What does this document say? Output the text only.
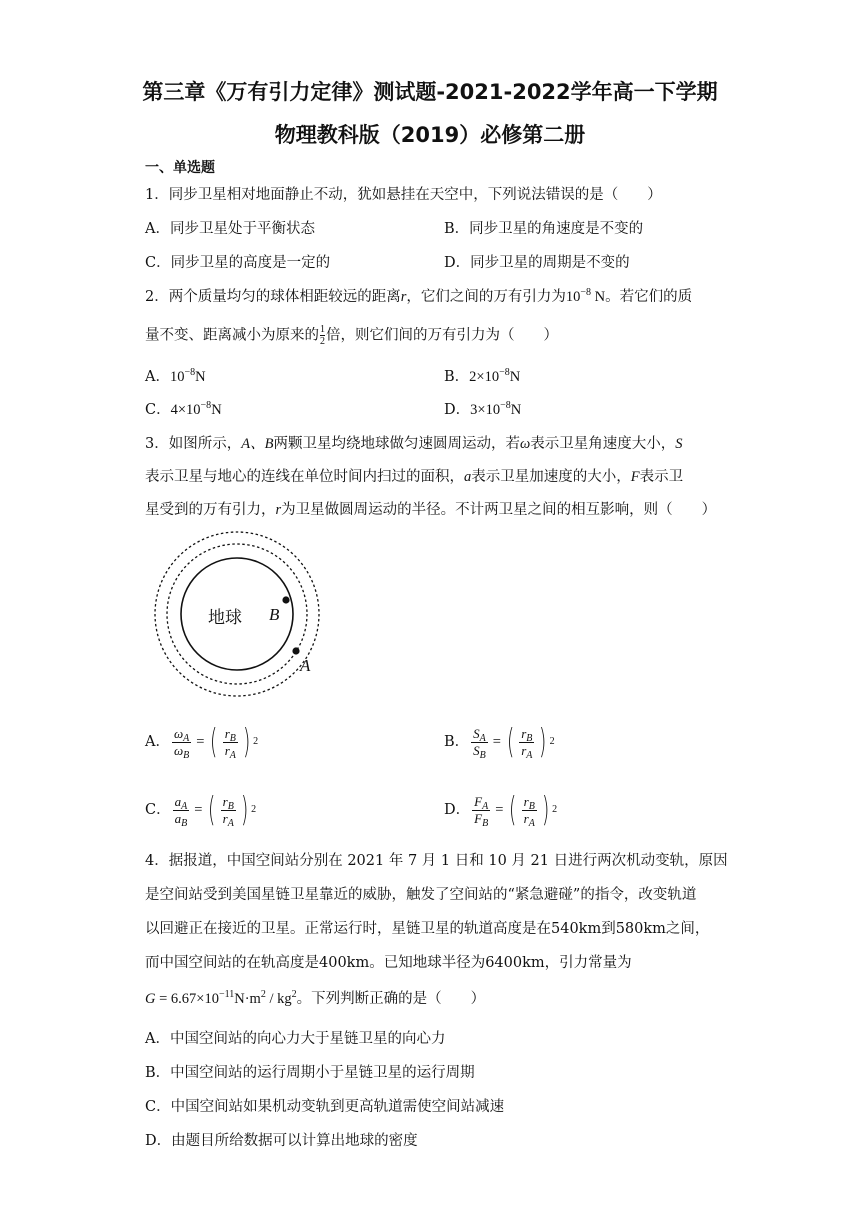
第三章《万有引力定律》测试题-2021-2022学年高一下学期
物理教科版（2019）必修第二册
一、单选题
1．同步卫星相对地面静止不动，犹如悬挂在天空中，下列说法错误的是（　　）
A．同步卫星处于平衡状态	B．同步卫星的角速度是不变的
C．同步卫星的高度是一定的	D．同步卫星的周期是不变的
2．两个质量均匀的球体相距较远的距离r，它们之间的万有引力为$10^{-8}$ N。若它们的质
量不变、距离减小为原来的 $\frac{1}{2}$ 倍，则它们间的万有引力为（　　）
A．$10^{-8}N$	B．$2\times 10^{-8}N$
C．$4\times 10^{-8}N$	D．$3\times 10^{-8}N$
3．如图所示，A、B两颗卫星均绕地球做匀速圆周运动，若ω表示卫星角速度大小，S
表示卫星与地心的连线在单位时间内扫过的面积，a表示卫星加速度的大小，F表示卫
星受到的万有引力，r为卫星做圆周运动的半径。不计两卫星之间的相互影响，则（　　）
地球 B
A
A． $\frac{\omega_A}{\omega_B}$ = ( $\frac{r_B}{r_A}$ ) 2	B． $\frac{S_A}{S_B}$ = ( $\frac{r_B}{r_A}$ ) 2
C． $\frac{a_A}{a_B}$ = ( $\frac{r_B}{r_A}$ ) 2	D． $\frac{F_A}{F_B}$ = ( $\frac{r_B}{r_A}$ ) 2
4．据报道，中国空间站分别在 2021 年 7 月 1 日和 10 月 21 日进行两次机动变轨，原因
是空间站受到美国星链卫星靠近的威胁，触发了空间站的“紧急避碰”的指令，改变轨道
以回避正在接近的卫星。正常运行时，星链卫星的轨道高度是在540km到580km之间，
而中国空间站的在轨高度是400km。已知地球半径为6400km，引力常量为
$G = 6.67\times 10^{-11}N\cdot m^2 / kg^2$。下列判断正确的是（　　）
A．中国空间站的向心力大于星链卫星的向心力
B．中国空间站的运行周期小于星链卫星的运行周期
C．中国空间站如果机动变轨到更高轨道需使空间站减速
D．由题目所给数据可以计算出地球的密度
